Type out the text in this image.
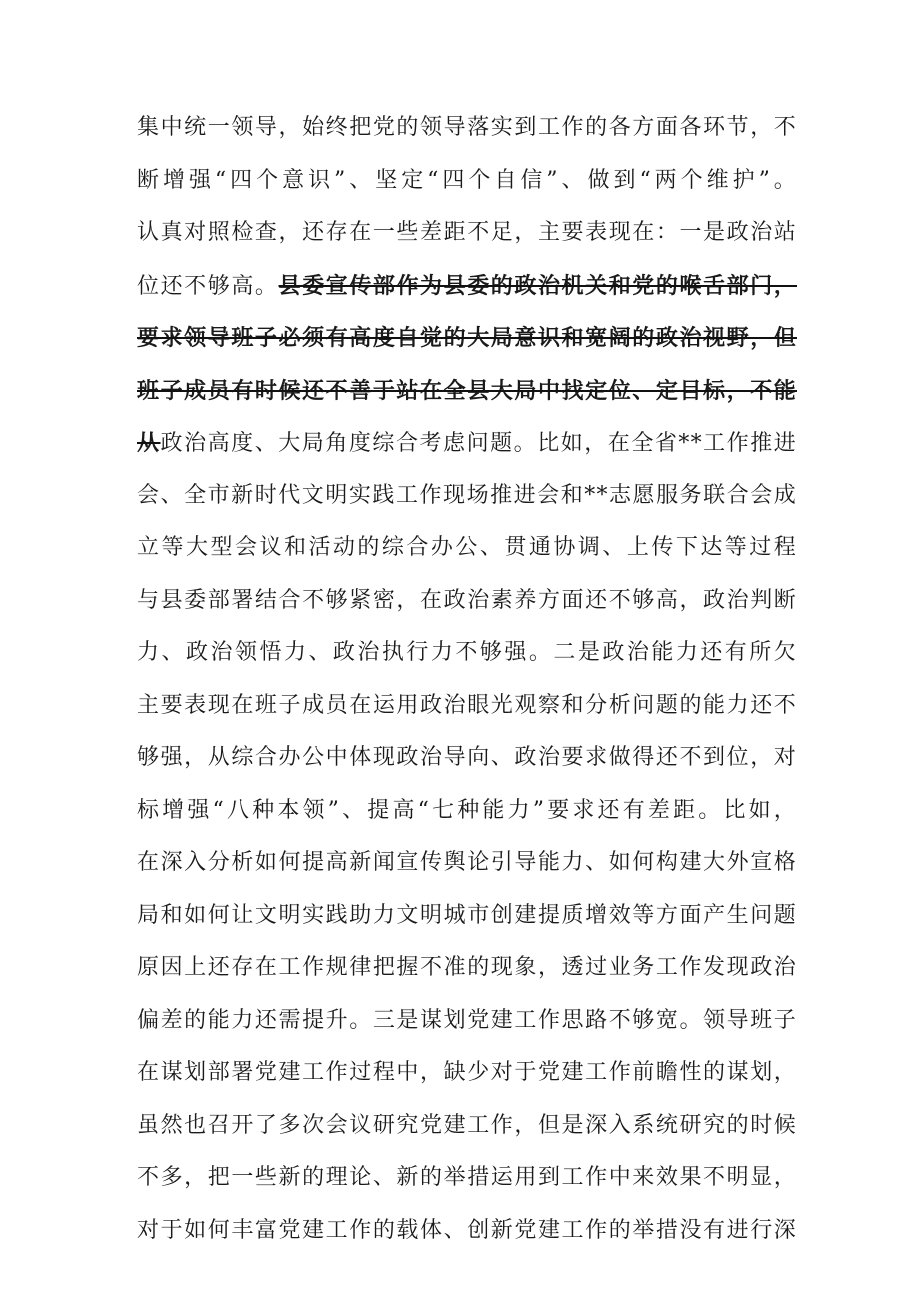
集中统一领导，始终把党的领导落实到工作的各方面各环节，不
断增强“四个意识”、坚定“四个自信”、做到“两个维护”。
认真对照检查，还存在一些差距不足，主要表现在：一是政治站
位还不够高。县委宣传部作为县委的政治机关和党的喉舌部门，
要求领导班子必须有高度自觉的大局意识和宽阔的政治视野，但
班子成员有时候还不善于站在全县大局中找定位、定目标，不能
从政治高度、大局角度综合考虑问题。比如，在全省**工作推进
会、全市新时代文明实践工作现场推进会和**志愿服务联合会成
立等大型会议和活动的综合办公、贯通协调、上传下达等过程
与县委部署结合不够紧密，在政治素养方面还不够高，政治判断
力、政治领悟力、政治执行力不够强。二是政治能力还有所欠
主要表现在班子成员在运用政治眼光观察和分析问题的能力还不
够强，从综合办公中体现政治导向、政治要求做得还不到位，对
标增强“八种本领”、提高“七种能力”要求还有差距。比如，
在深入分析如何提高新闻宣传舆论引导能力、如何构建大外宣格
局和如何让文明实践助力文明城市创建提质增效等方面产生问题
原因上还存在工作规律把握不准的现象，透过业务工作发现政治
偏差的能力还需提升。三是谋划党建工作思路不够宽。领导班子
在谋划部署党建工作过程中，缺少对于党建工作前瞻性的谋划，
虽然也召开了多次会议研究党建工作，但是深入系统研究的时候
不多，把一些新的理论、新的举措运用到工作中来效果不明显，
对于如何丰富党建工作的载体、创新党建工作的举措没有进行深
